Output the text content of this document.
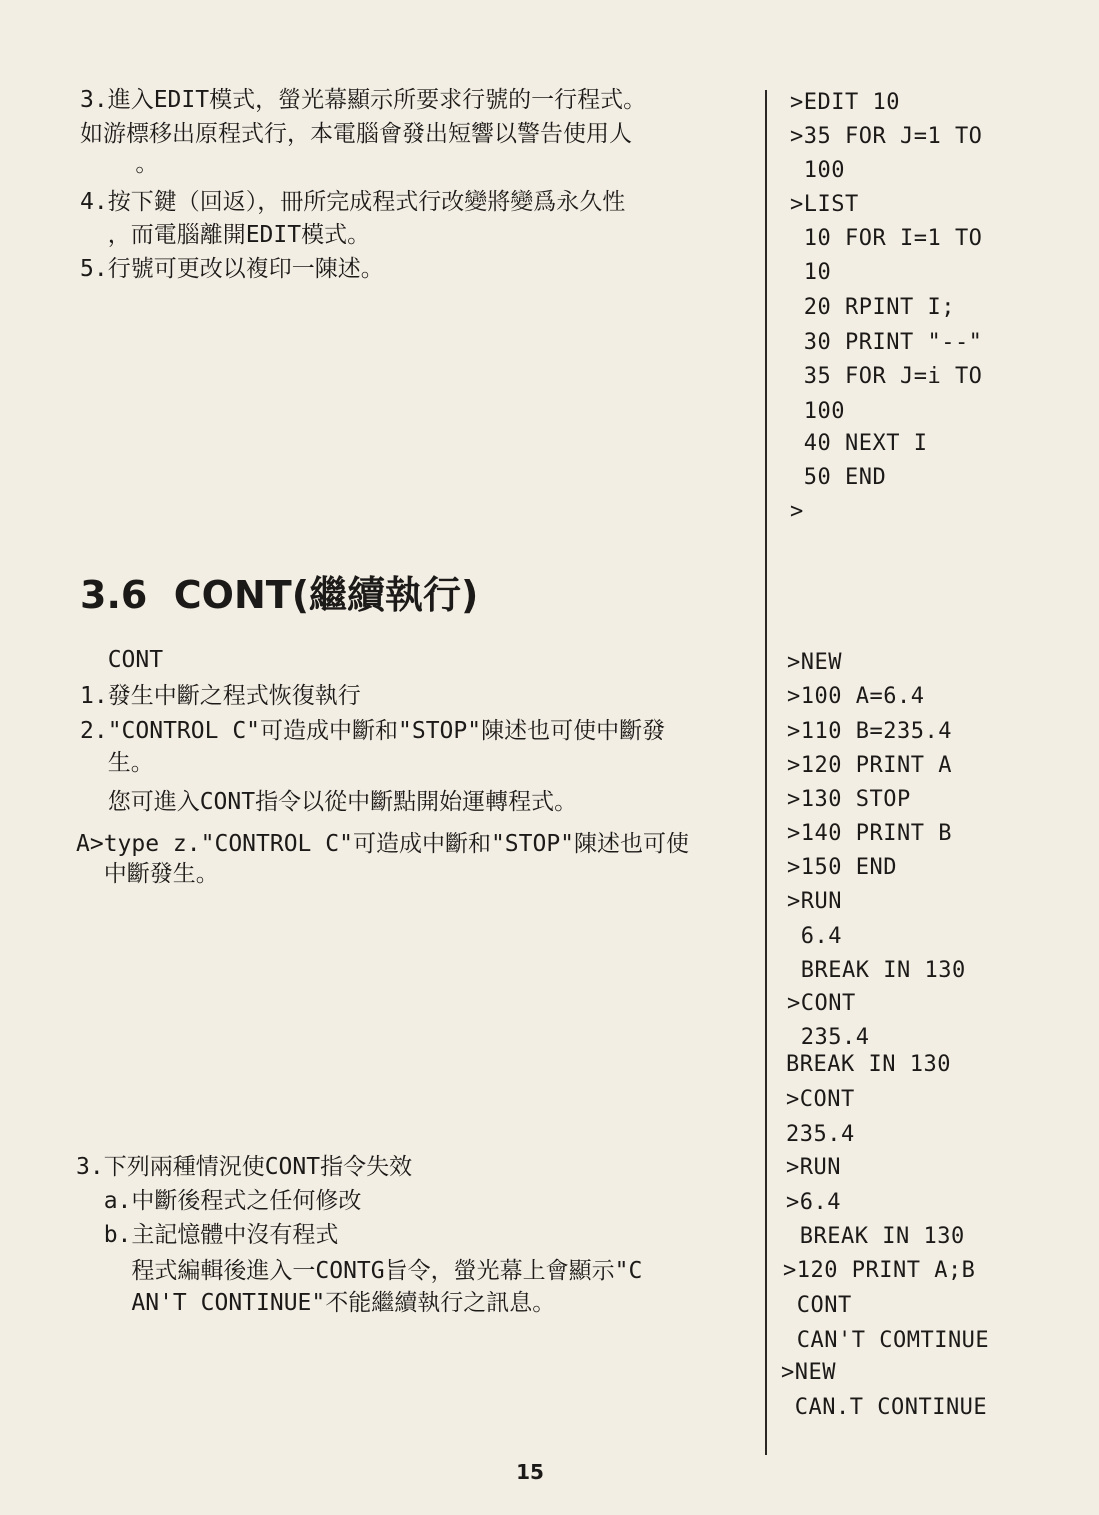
3.進入EDIT模式，螢光幕顯示所要求行號的一行程式。
如游標移出原程式行，本電腦會發出短響以警告使用人
。
4.按下鍵（回返），冊所完成程式行改變將變爲永久性
，而電腦離開EDIT模式。
5.行號可更改以複印一陳述。
>EDIT 10
>35 FOR J=1 TO
100
>LIST
10 FOR I=1 TO
10
20 RPINT I;
30 PRINT "--"
35 FOR J=i TO
100
40 NEXT I
50 END
>
3.6  CONT(繼續執行)
CONT
1.發生中斷之程式恢復執行
2."CONTROL C"可造成中斷和"STOP"陳述也可使中斷發
生。
您可進入CONT指令以從中斷點開始運轉程式。
A>type z."CONTROL C"可造成中斷和"STOP"陳述也可使
中斷發生。
3.下列兩種情況使CONT指令失效
a.中斷後程式之任何修改
b.主記憶體中沒有程式
程式編輯後進入一CONTG旨令，螢光幕上會顯示"C
AN'T CONTINUE"不能繼續執行之訊息。
>NEW
>100 A=6.4
>110 B=235.4
>120 PRINT A
>130 STOP
>140 PRINT B
>150 END
>RUN
6.4
BREAK IN 130
>CONT
235.4
BREAK IN 130
>CONT
235.4
>RUN
>6.4
BREAK IN 130
>120 PRINT A;B
CONT
CAN'T COMTINUE
>NEW
CAN.T CONTINUE
15
